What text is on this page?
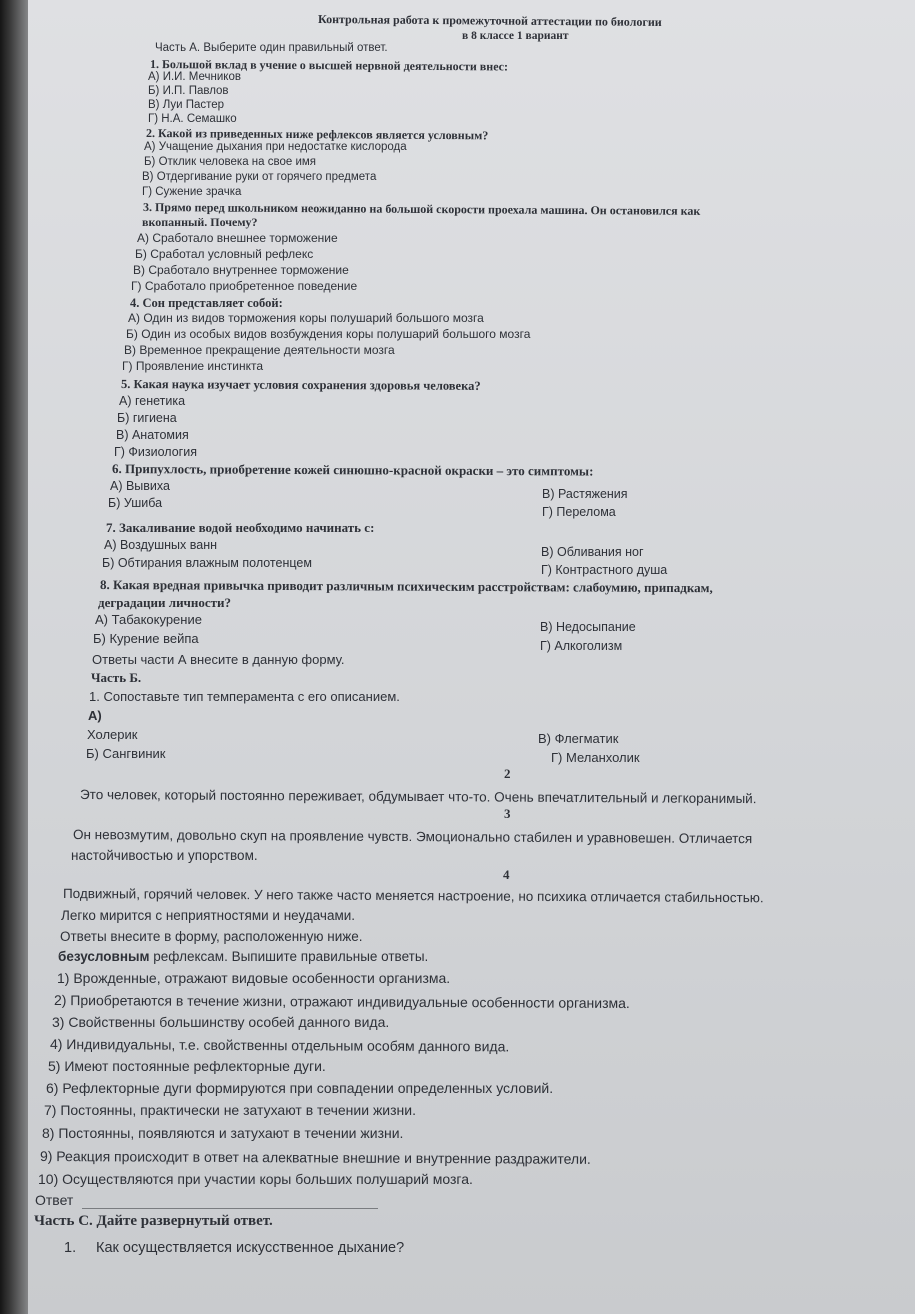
Контрольная работа к промежуточной аттестации по биологии
в 8 классе 1 вариант
Часть А. Выберите один правильный ответ.
1. Большой вклад в учение о высшей нервной деятельности внес:
А) И.И. Мечников
Б) И.П. Павлов
В) Луи Пастер
Г) Н.А. Семашко
2. Какой из приведенных ниже рефлексов является условным?
А) Учащение дыхания при недостатке кислорода
Б) Отклик человека на свое имя
В) Отдергивание руки от горячего предмета
Г) Сужение зрачка
3. Прямо перед школьником неожиданно на большой скорости проехала машина. Он остановился как
вкопанный. Почему?
А) Сработало внешнее торможение
Б) Сработал условный рефлекс
В) Сработало внутреннее торможение
Г) Сработало приобретенное поведение
4. Сон представляет собой:
А) Один из видов торможения коры полушарий большого мозга
Б) Один из особых видов возбуждения коры полушарий большого мозга
В) Временное прекращение деятельности мозга
Г) Проявление инстинкта
5. Какая наука изучает условия сохранения здоровья человека?
А) генетика
Б) гигиена
В) Анатомия
Г) Физиология
6. Припухлость, приобретение кожей синюшно-красной окраски – это симптомы:
А) Вывиха
Б) Ушиба
В) Растяжения
Г) Перелома
7. Закаливание водой необходимо начинать с:
А) Воздушных ванн
Б) Обтирания влажным полотенцем
В) Обливания ног
Г) Контрастного душа
8. Какая вредная привычка приводит различным психическим расстройствам: слабоумию, припадкам,
деградации личности?
А) Табакокурение
Б) Курение вейпа
В) Недосыпание
Г) Алкоголизм
Ответы части А внесите в данную форму.
Часть Б.
1. Сопоставьте тип темперамента с его описанием.
А)
Холерик	В) Флегматик
Б) Сангвиник	Г) Меланхолик
2
Это человек, который постоянно переживает, обдумывает что-то. Очень впечатлительный и легкоранимый.
3
Он невозмутим, довольно скуп на проявление чувств. Эмоционально стабилен и уравновешен. Отличается
настойчивостью и упорством.
4
Подвижный, горячий человек. У него также часто меняется настроение, но психика отличается стабильностью.
Легко мирится с неприятностями и неудачами.
Ответы внесите в форму, расположенную ниже.
безусловным рефлексам. Выпишите правильные ответы.
1) Врожденные, отражают видовые особенности организма.
2) Приобретаются в течение жизни, отражают индивидуальные особенности организма.
3) Свойственны большинству особей данного вида.
4) Индивидуальны, т.е. свойственны отдельным особям данного вида.
5) Имеют постоянные рефлекторные дуги.
6) Рефлекторные дуги формируются при совпадении определенных условий.
7) Постоянны, практически не затухают в течении жизни.
8) Постоянны, появляются и затухают в течении жизни.
9) Реакция происходит в ответ на алекватные внешние и внутренние раздражители.
10) Осуществляются при участии коры больших полушарий мозга.
Ответ
Часть С. Дайте развернутый ответ.
1. Как осуществляется искусственное дыхание?
